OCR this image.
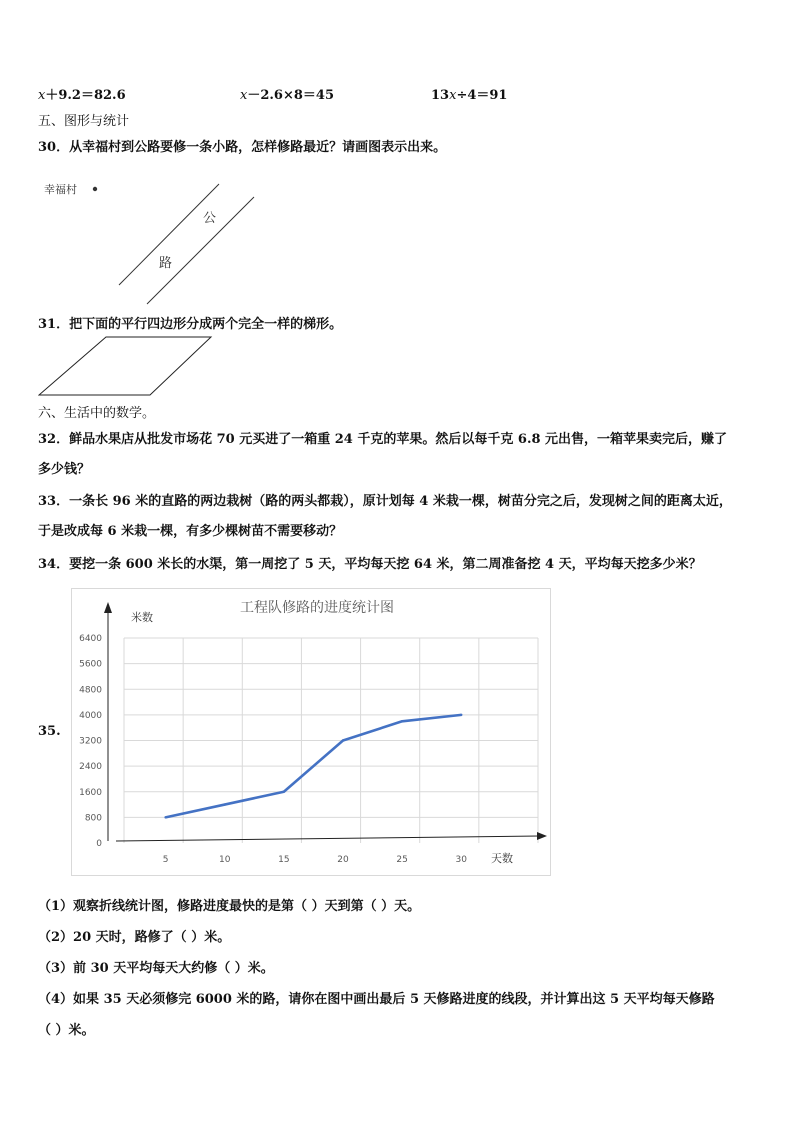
x＋9.2＝82.6	x－2.6×8＝45	13x÷4＝91
五、图形与统计
30．从幸福村到公路要修一条小路，怎样修路最近？请画图表示出来。
幸福村
公
路
31．把下面的平行四边形分成两个完全一样的梯形。
六、生活中的数学。
32．鲜品水果店从批发市场花 70 元买进了一箱重 24 千克的苹果。然后以每千克 6.8 元出售，一箱苹果卖完后，赚了
多少钱？
33．一条长 96 米的直路的两边栽树（路的两头都栽），原计划每 4 米栽一棵，树苗分完之后，发现树之间的距离太近，
于是改成每 6 米栽一棵，有多少棵树苗不需要移动？
34．要挖一条 600 米长的水渠，第一周挖了 5 天，平均每天挖 64 米，第二周准备挖 4 天，平均每天挖多少米？
35.
工程队修路的进度统计图
米数
天数
0
800
1600
2400
3200
4000
4800
5600
6400
5	10	15	20	25	30
（1）观察折线统计图，修路进度最快的是第（ ）天到第（ ）天。
（2）20 天时，路修了（ ）米。
（3）前 30 天平均每天大约修（ ）米。
（4）如果 35 天必须修完 6000 米的路，请你在图中画出最后 5 天修路进度的线段，并计算出这 5 天平均每天修路
（ ）米。
